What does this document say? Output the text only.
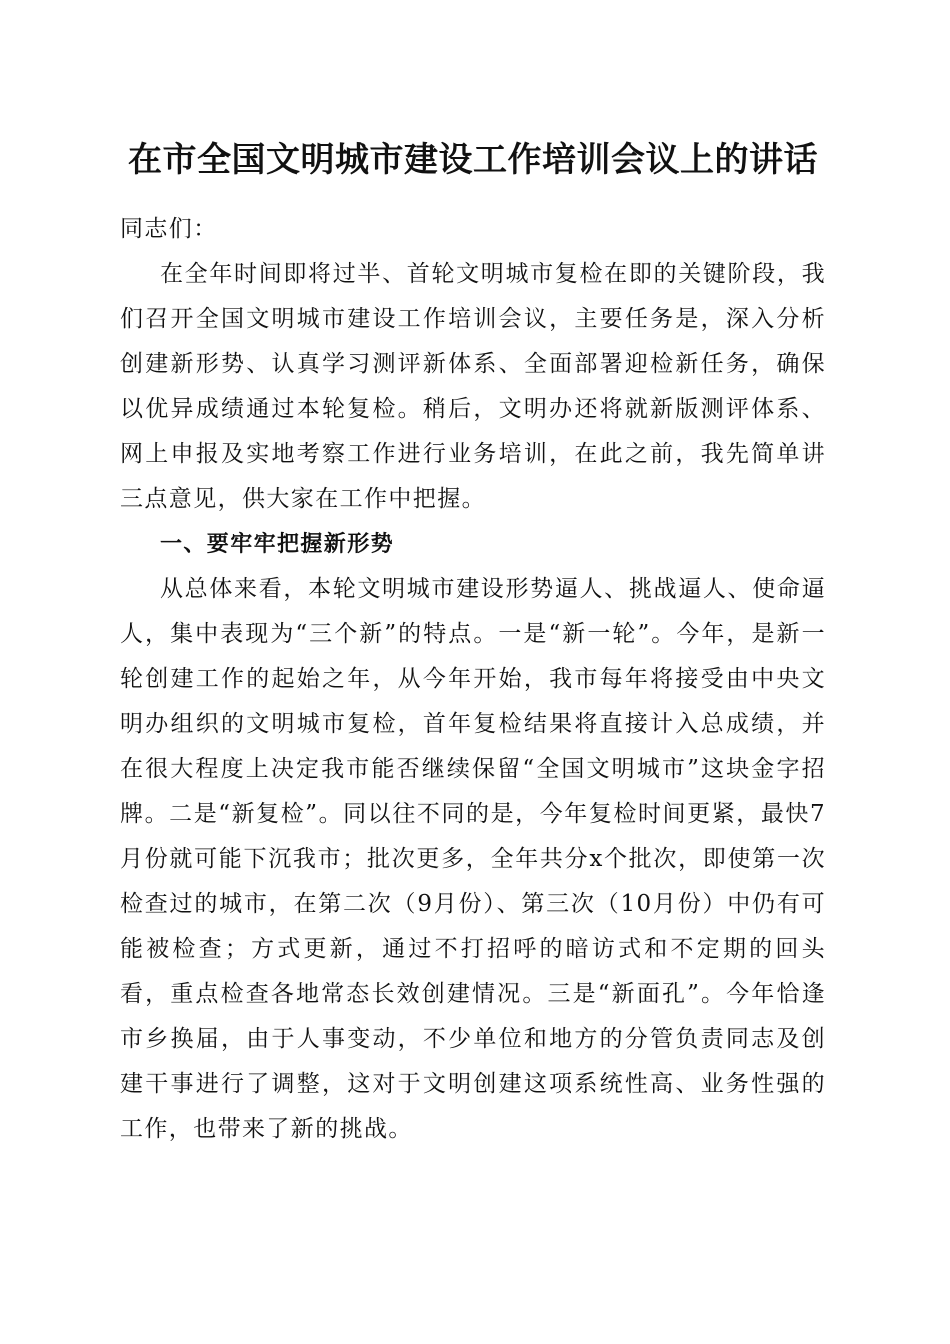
在市全国文明城市建设工作培训会议上的讲话

同志们：

在全年时间即将过半、首轮文明城市复检在即的关键阶段，我们召开全国文明城市建设工作培训会议，主要任务是，深入分析创建新形势、认真学习测评新体系、全面部署迎检新任务，确保以优异成绩通过本轮复检。稍后，文明办还将就新版测评体系、网上申报及实地考察工作进行业务培训，在此之前，我先简单讲三点意见，供大家在工作中把握。

一、要牢牢把握新形势

从总体来看，本轮文明城市建设形势逼人、挑战逼人、使命逼人，集中表现为“三个新”的特点。一是“新一轮”。今年，是新一轮创建工作的起始之年，从今年开始，我市每年将接受由中央文明办组织的文明城市复检，首年复检结果将直接计入总成绩，并在很大程度上决定我市能否继续保留“全国文明城市”这块金字招牌。二是“新复检”。同以往不同的是，今年复检时间更紧，最快7月份就可能下沉我市；批次更多，全年共分x个批次，即使第一次检查过的城市，在第二次（9月份）、第三次（10月份）中仍有可能被检查；方式更新，通过不打招呼的暗访式和不定期的回头看，重点检查各地常态长效创建情况。三是“新面孔”。今年恰逢市乡换届，由于人事变动，不少单位和地方的分管负责同志及创建干事进行了调整，这对于文明创建这项系统性高、业务性强的工作，也带来了新的挑战。
